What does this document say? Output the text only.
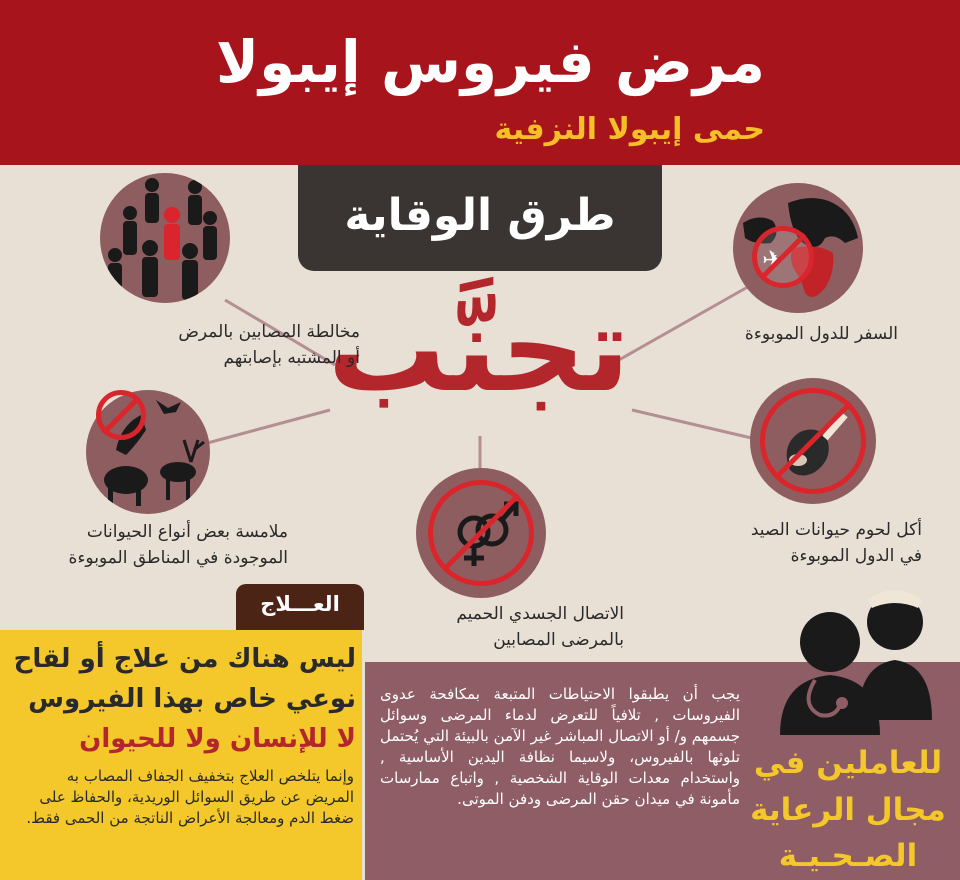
مرض فيروس إيبولا
حمى إيبولا النزفية
طرق الوقاية
تجنَّب
✈
السفر للدول الموبوءة
مخالطة المصابين بالمرض
أو المشتبه بإصابتهم
ملامسة بعض أنواع الحيوانات
الموجودة في المناطق الموبوءة
أكل لحوم حيوانات الصيد
في الدول الموبوءة
الاتصال الجسدي الحميم
بالمرضى المصابين
العـــلاج
ليس هناك من علاج أو لقاح
نوعي خاص بهذا الفيروس
لا للإنسان ولا للحيوان
وإنما يتلخص العلاج بتخفيف الجفاف المصاب به المريض عن طريق السوائل الوريدية، والحفاظ على ضغط الدم ومعالجة الأعراض الناتجة من الحمى فقط.
يجب أن يطبقوا الاحتياطات المتبعة بمكافحة عدوى الفيروسات , تلافياً للتعرض لدماء المرضى وسوائل جسمهم و/ أو الاتصال المباشر غير الآمن بالبيئة التي يُحتمل تلوثها بالفيروس، ولاسيما نظافة اليدين الأساسية , واستخدام معدات الوقاية الشخصية , واتباع ممارسات مأمونة في ميدان حقن المرضى ودفن الموتى.
للعاملين في
مجال الرعاية
الصـحـيـة
